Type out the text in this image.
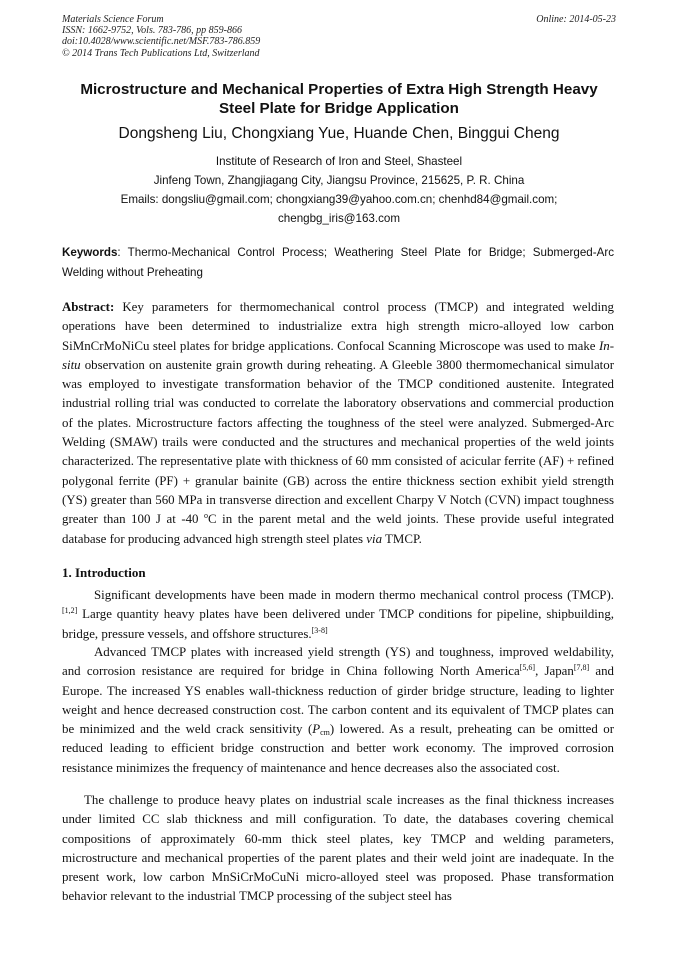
Materials Science Forum
ISSN: 1662-9752, Vols. 783-786, pp 859-866
doi:10.4028/www.scientific.net/MSF.783-786.859
© 2014 Trans Tech Publications Ltd, Switzerland
Online: 2014-05-23
Microstructure and Mechanical Properties of Extra High Strength Heavy
Steel Plate for Bridge Application
Dongsheng Liu, Chongxiang Yue, Huande Chen, Binggui Cheng
Institute of Research of Iron and Steel, Shasteel
Jinfeng Town, Zhangjiagang City, Jiangsu Province, 215625, P. R. China
Emails: dongsliu@gmail.com; chongxiang39@yahoo.com.cn; chenhd84@gmail.com;
chengbg_iris@163.com
Keywords: Thermo-Mechanical Control Process; Weathering Steel Plate for Bridge; Submerged-Arc Welding without Preheating
Abstract: Key parameters for thermomechanical control process (TMCP) and integrated welding operations have been determined to industrialize extra high strength micro-alloyed low carbon SiMnCrMoNiCu steel plates for bridge applications. Confocal Scanning Microscope was used to make In-situ observation on austenite grain growth during reheating. A Gleeble 3800 thermomechanical simulator was employed to investigate transformation behavior of the TMCP conditioned austenite. Integrated industrial rolling trial was conducted to correlate the laboratory observations and commercial production of the plates. Microstructure factors affecting the toughness of the steel were analyzed. Submerged-Arc Welding (SMAW) trails were conducted and the structures and mechanical properties of the weld joints characterized. The representative plate with thickness of 60 mm consisted of acicular ferrite (AF) + refined polygonal ferrite (PF) + granular bainite (GB) across the entire thickness section exhibit yield strength (YS) greater than 560 MPa in transverse direction and excellent Charpy V Notch (CVN) impact toughness greater than 100 J at -40 $^o$C in the parent metal and the weld joints. These provide useful integrated database for producing advanced high strength steel plates via TMCP.
1. Introduction
Significant developments have been made in modern thermo mechanical control process (TMCP).[1,2] Large quantity heavy plates have been delivered under TMCP conditions for pipeline, shipbuilding, bridge, pressure vessels, and offshore structures.[3-8]
Advanced TMCP plates with increased yield strength (YS) and toughness, improved weldability, and corrosion resistance are required for bridge in China following North America[5,6], Japan[7,8] and Europe. The increased YS enables wall-thickness reduction of girder bridge structure, leading to lighter weight and hence decreased construction cost. The carbon content and its equivalent of TMCP plates can be minimized and the weld crack sensitivity $(P_{cm})$ lowered. As a result, preheating can be omitted or reduced leading to efficient bridge construction and better work economy. The improved corrosion resistance minimizes the frequency of maintenance and hence decreases also the associated cost.
The challenge to produce heavy plates on industrial scale increases as the final thickness increases under limited CC slab thickness and mill configuration. To date, the databases covering chemical compositions of approximately 60-mm thick steel plates, key TMCP and welding parameters, microstructure and mechanical properties of the parent plates and their weld joint are inadequate. In the present work, low carbon MnSiCrMoCuNi micro-alloyed steel was proposed. Phase transformation behavior relevant to the industrial TMCP processing of the subject steel has
